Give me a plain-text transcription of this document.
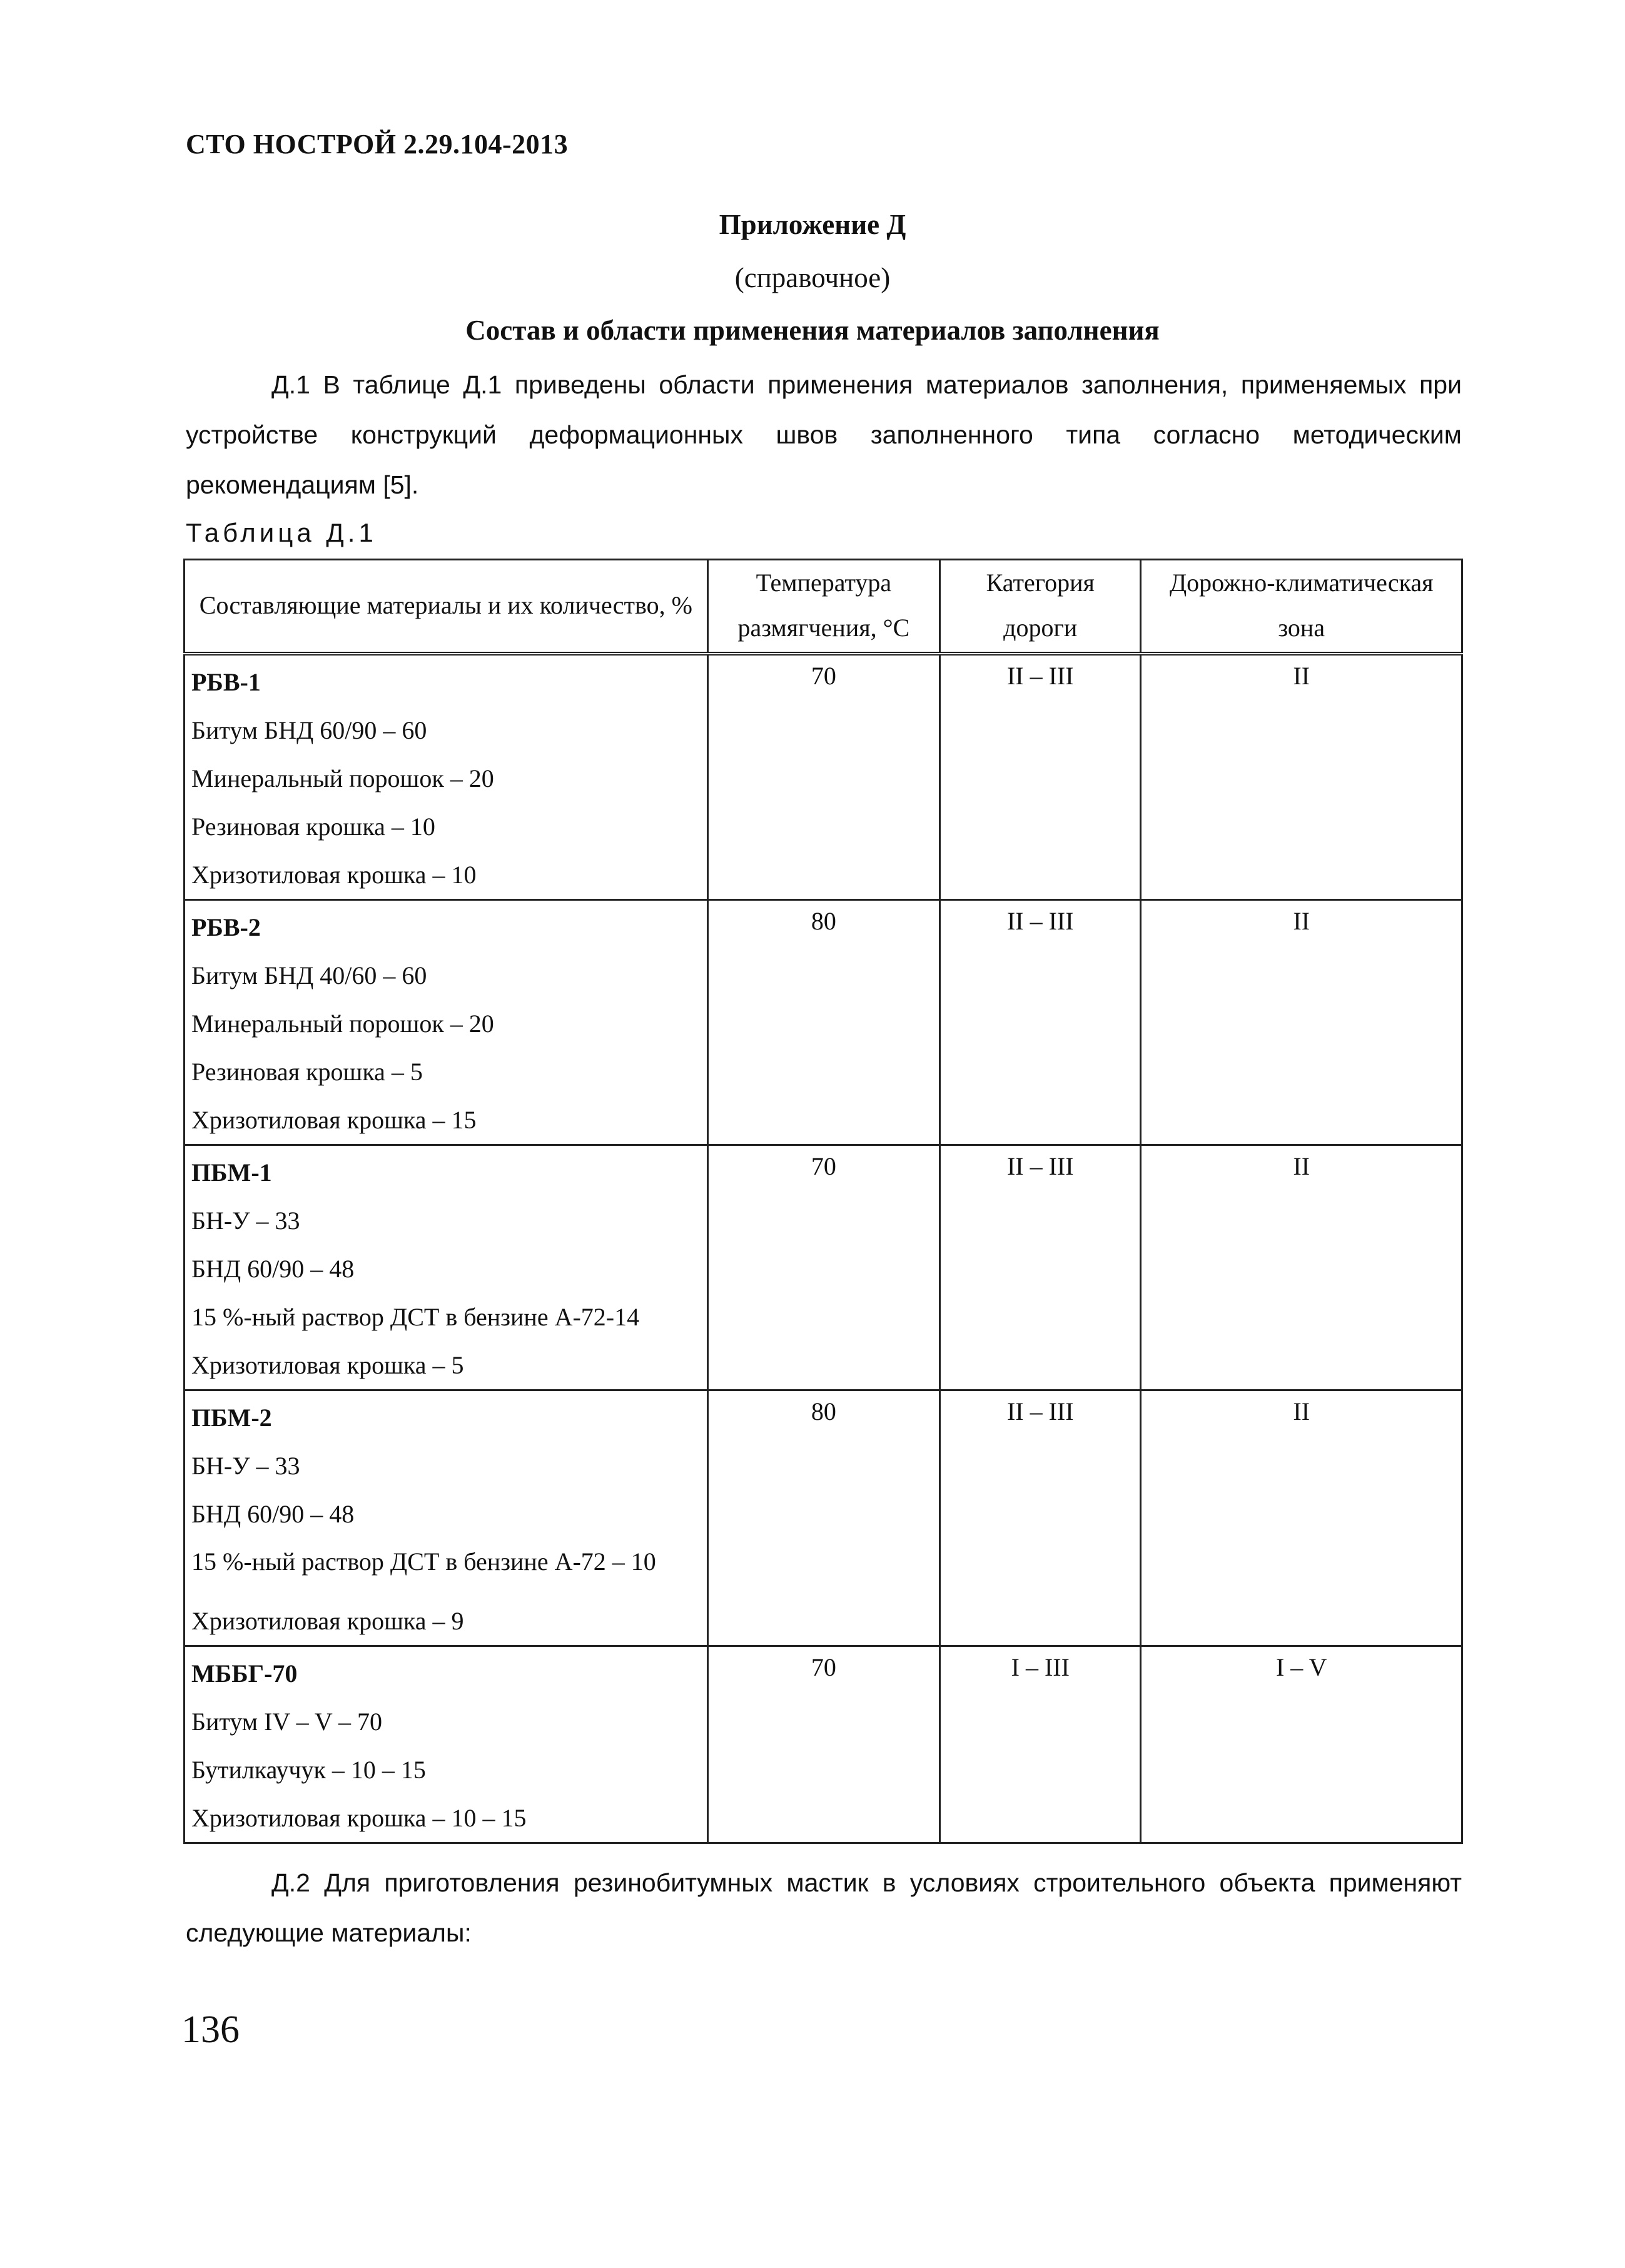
СТО НОСТРОЙ 2.29.104-2013
Приложение Д
(справочное)
Состав и области применения материалов заполнения

Д.1 В таблице Д.1 приведены области применения материалов заполнения, применяемых при устройстве конструкций деформационных швов заполненного типа согласно методическим рекомендациям [5].

Таблица Д.1
Составляющие материалы и их количество, %	Температура размягчения, °С	Категория дороги	Дорожно-климатическая зона

РБВ-1
Битум БНД 60/90 – 60
Минеральный порошок – 20
Резиновая крошка – 10
Хризотиловая крошка – 10	70	II – III	II

РБВ-2
Битум БНД 40/60 – 60
Минеральный порошок – 20
Резиновая крошка – 5
Хризотиловая крошка – 15	80	II – III	II

ПБМ-1
БН-У – 33
БНД 60/90 – 48
15 %-ный раствор ДСТ в бензине А-72-14
Хризотиловая крошка – 5	70	II – III	II

ПБМ-2
БН-У – 33
БНД 60/90 – 48
15 %-ный раствор ДСТ в бензине А-72 – 10
Хризотиловая крошка – 9	80	II – III	II

МББГ-70
Битум IV – V – 70
Бутилкаучук – 10 – 15
Хризотиловая крошка – 10 – 15	70	I – III	I – V

Д.2 Для приготовления резинобитумных мастик в условиях строительного объекта применяют следующие материалы:

136
